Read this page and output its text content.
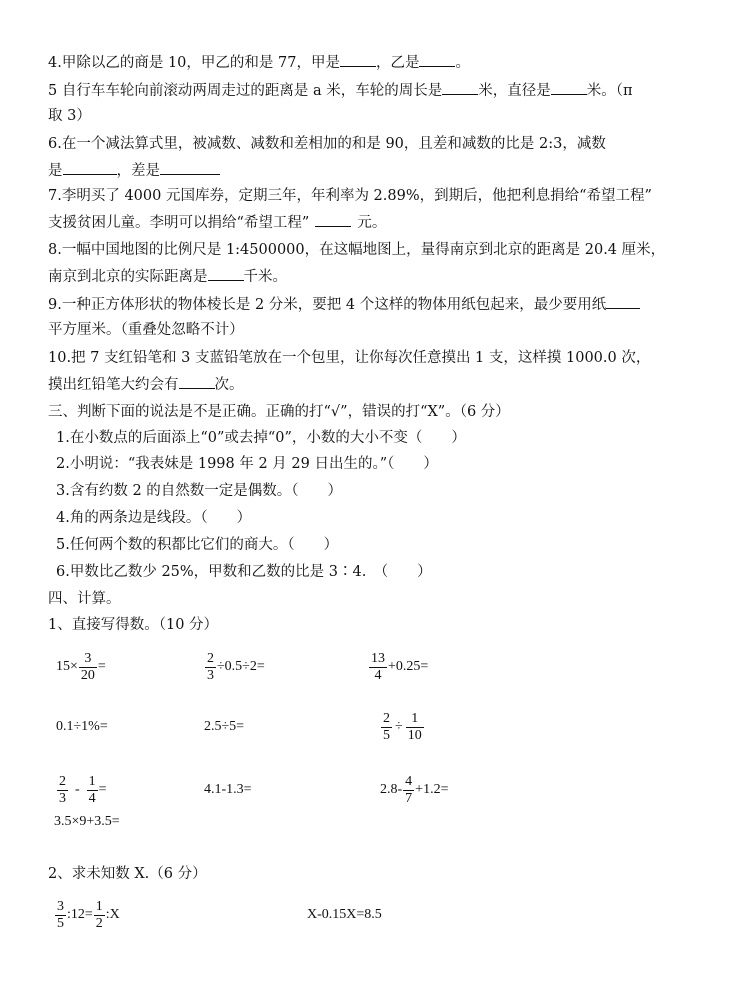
4.甲除以乙的商是 10，甲乙的和是 77，甲是 ，乙是 。
5 自行车车轮向前滚动两周走过的距离是 a 米，车轮的周长是 米，直径是 米。（π
取 3）
6.在一个减法算式里，被减数、减数和差相加的和是 90，且差和减数的比是 2:3，减数
是	，差是
7.李明买了 4000 元国库券，定期三年，年利率为 2.89%，到期后，他把利息捐给“希望工程”
支援贫困儿童。李明可以捐给“希望工程”	元。
8.一幅中国地图的比例尺是 1:4500000，在这幅地图上，量得南京到北京的距离是 20.4 厘米，
南京到北京的实际距离是 千米。
9.一种正方体形状的物体棱长是 2 分米，要把 4 个这样的物体用纸包起来，最少要用纸
平方厘米。（重叠处忽略不计）
10.把 7 支红铅笔和 3 支蓝铅笔放在一个包里，让你每次任意摸出 1 支，这样摸 1000.0 次，
摸出红铅笔大约会有 次。
三、判断下面的说法是不是正确。正确的打“√”，错误的打“Χ”。（6 分）
1.在小数点的后面添上“0”或去掉“0”，小数的大小不变（　　）
2.小明说：“我表妹是 1998 年 2 月 29 日出生的。”（　　）
3.含有约数 2 的自然数一定是偶数。（　　）
4.角的两条边是线段。（　　）
5.任何两个数的积都比它们的商大。（　　）
6.甲数比乙数少 25%，甲数和乙数的比是 3∶4.　（　　）
四、计算。
1、直接写得数。（10 分）
$15\times \frac{3}{20}$ =	$\frac{2}{3} \div 0.5\div 2=$	$\frac{13}{4} +0.25=$
0.1÷1%=	2.5÷5=	$\frac{2}{5} \div \frac{1}{10}$
$\frac{2}{3} - \frac{1}{4}$ =	4.1-1.3=	$2.8- \frac{4}{7} +1.2=$
3.5×9+3.5=
2、求未知数 X.（6 分）
$\frac{3}{5}$ :12= $\frac{1}{2}$ :X	X-0.15X=8.5
